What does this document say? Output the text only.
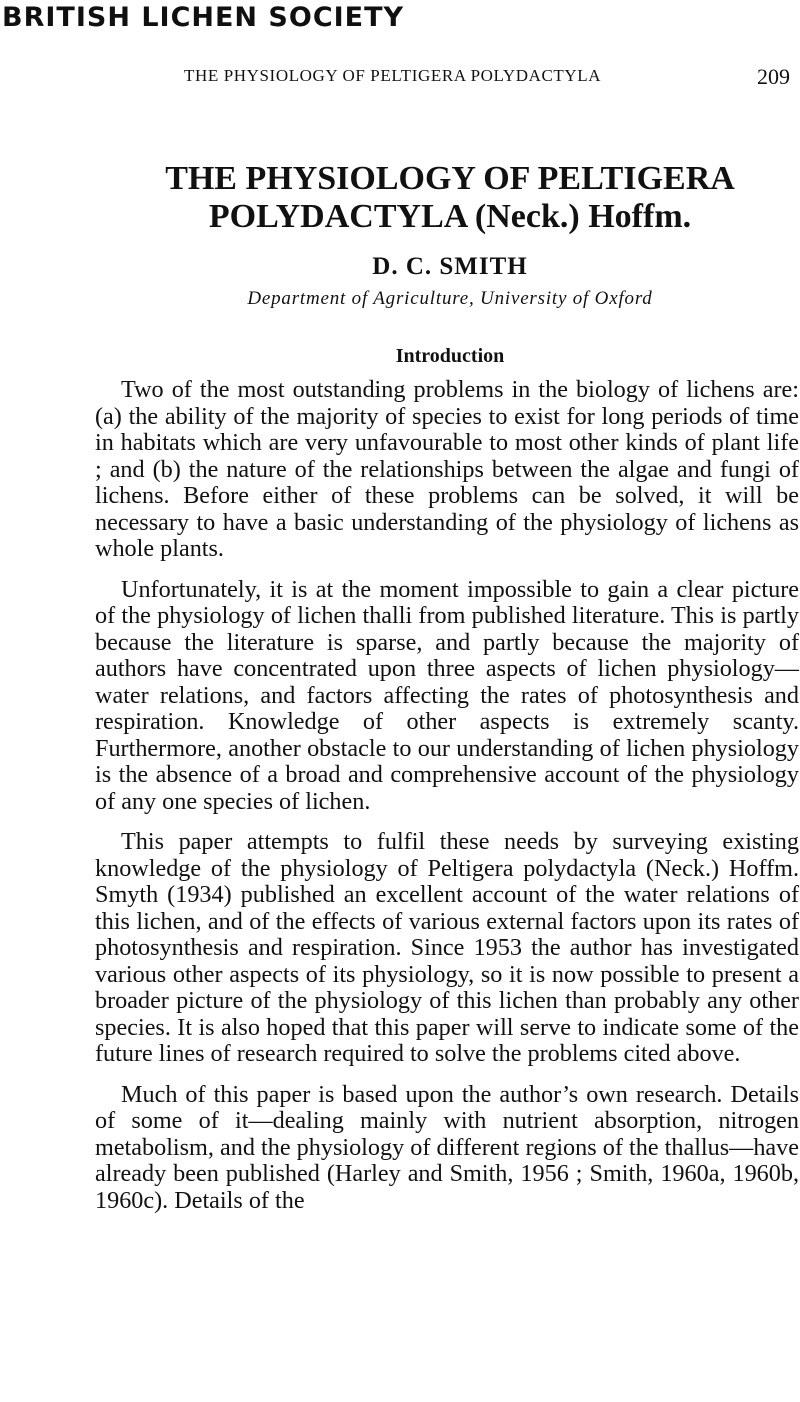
BRITISH LICHEN SOCIETY
THE PHYSIOLOGY OF PELTIGERA POLYDACTYLA	209
THE PHYSIOLOGY OF PELTIGERA
POLYDACTYLA (Neck.) Hoffm.
D. C. SMITH
Department of Agriculture, University of Oxford
Introduction

Two of the most outstanding problems in the biology of lichens are: (a) the ability of the majority of species to exist for long periods of time in habitats which are very unfavourable to most other kinds of plant life ; and (b) the nature of the relationships between the algae and fungi of lichens. Before either of these problems can be solved, it will be necessary to have a basic understanding of the physiology of lichens as whole plants.

Unfortunately, it is at the moment impossible to gain a clear picture of the physiology of lichen thalli from published literature. This is partly because the literature is sparse, and partly because the majority of authors have concentrated upon three aspects of lichen physiology—water relations, and factors affecting the rates of photosynthesis and respiration. Knowledge of other aspects is extremely scanty. Furthermore, another obstacle to our understanding of lichen physiology is the absence of a broad and comprehensive account of the physiology of any one species of lichen.

This paper attempts to fulfil these needs by surveying existing knowledge of the physiology of Peltigera polydactyla (Neck.) Hoffm. Smyth (1934) published an excellent account of the water relations of this lichen, and of the effects of various external factors upon its rates of photosynthesis and respiration. Since 1953 the author has investigated various other aspects of its physiology, so it is now possible to present a broader picture of the physiology of this lichen than probably any other species. It is also hoped that this paper will serve to indicate some of the future lines of research required to solve the problems cited above.

Much of this paper is based upon the author’s own research. Details of some of it—dealing mainly with nutrient absorption, nitrogen metabolism, and the physiology of different regions of the thallus—have already been published (Harley and Smith, 1956 ; Smith, 1960a, 1960b, 1960c). Details of the
